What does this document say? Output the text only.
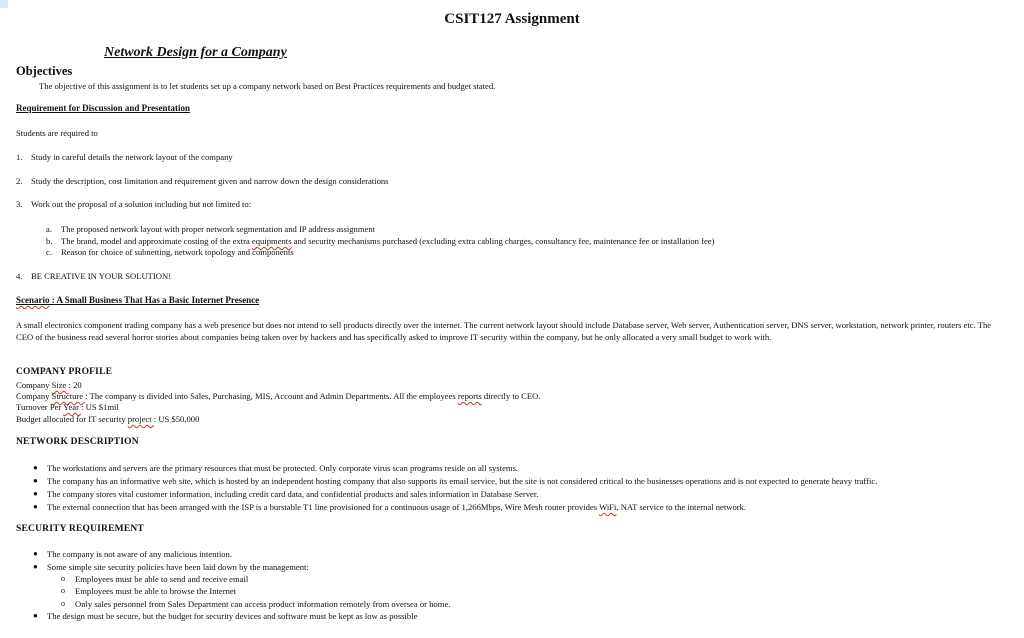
CSIT127 Assignment
Network Design for a Company
Objectives
The objective of this assignment is to let students set up a company network based on Best Practices requirements and budget stated.
Requirement for Discussion and Presentation
Students are required to
1. Study in careful details the network layout of the company
2. Study the description, cost limitation and requirement given and narrow down the design considerations
3. Work out the proposal of a solution including but not limited to:
a. The proposed network layout with proper network segmentation and IP address assignment
b. The brand, model and approximate costing of the extra equipments and security mechanisms purchased (excluding extra cabling charges, consultancy fee, maintenance fee or installation fee)
c. Reason for choice of subnetting, network topology and components
4. BE CREATIVE IN YOUR SOLUTION!
Scenario : A Small Business That Has a Basic Internet Presence
A small electronics component trading company has a web presence but does not intend to sell products directly over the internet. The current network layout should include Database server, Web server, Authentication server, DNS server, workstation, network printer, routers etc. The CEO of the business read several horror stories about companies being taken over by hackers and has specifically asked to improve IT security within the company, but he only allocated a very small budget to work with.
COMPANY PROFILE
Company Size : 20
Company Structure : The company is divided into Sales, Purchasing, MIS, Account and Admin Departments. All the employees reports directly to CEO.
Turnover Per Year : US $1mil
Budget allocated for IT security project : US $50,000
NETWORK DESCRIPTION
● The workstations and servers are the primary resources that must be protected. Only corporate virus scan programs reside on all systems.
● The company has an informative web site, which is hosted by an independent hosting company that also supports its email service, but the site is not considered critical to the businesses operations and is not expected to generate heavy traffic.
● The company stores vital customer information, including credit card data, and confidential products and sales information in Database Server.
● The external connection that has been arranged with the ISP is a burstable T1 line provisioned for a continuous usage of 1,266Mbps, Wire Mesh router provides WiFi, NAT service to the internal network.
SECURITY REQUIREMENT
● The company is not aware of any malicious intention.
● Some simple site security policies have been laid down by the management:
o Employees must be able to send and receive email
o Employees must be able to browse the Internet
o Only sales personnel from Sales Department can access product information remotely from oversea or home.
● The design must be secure, but the budget for security devices and software must be kept as low as possible
